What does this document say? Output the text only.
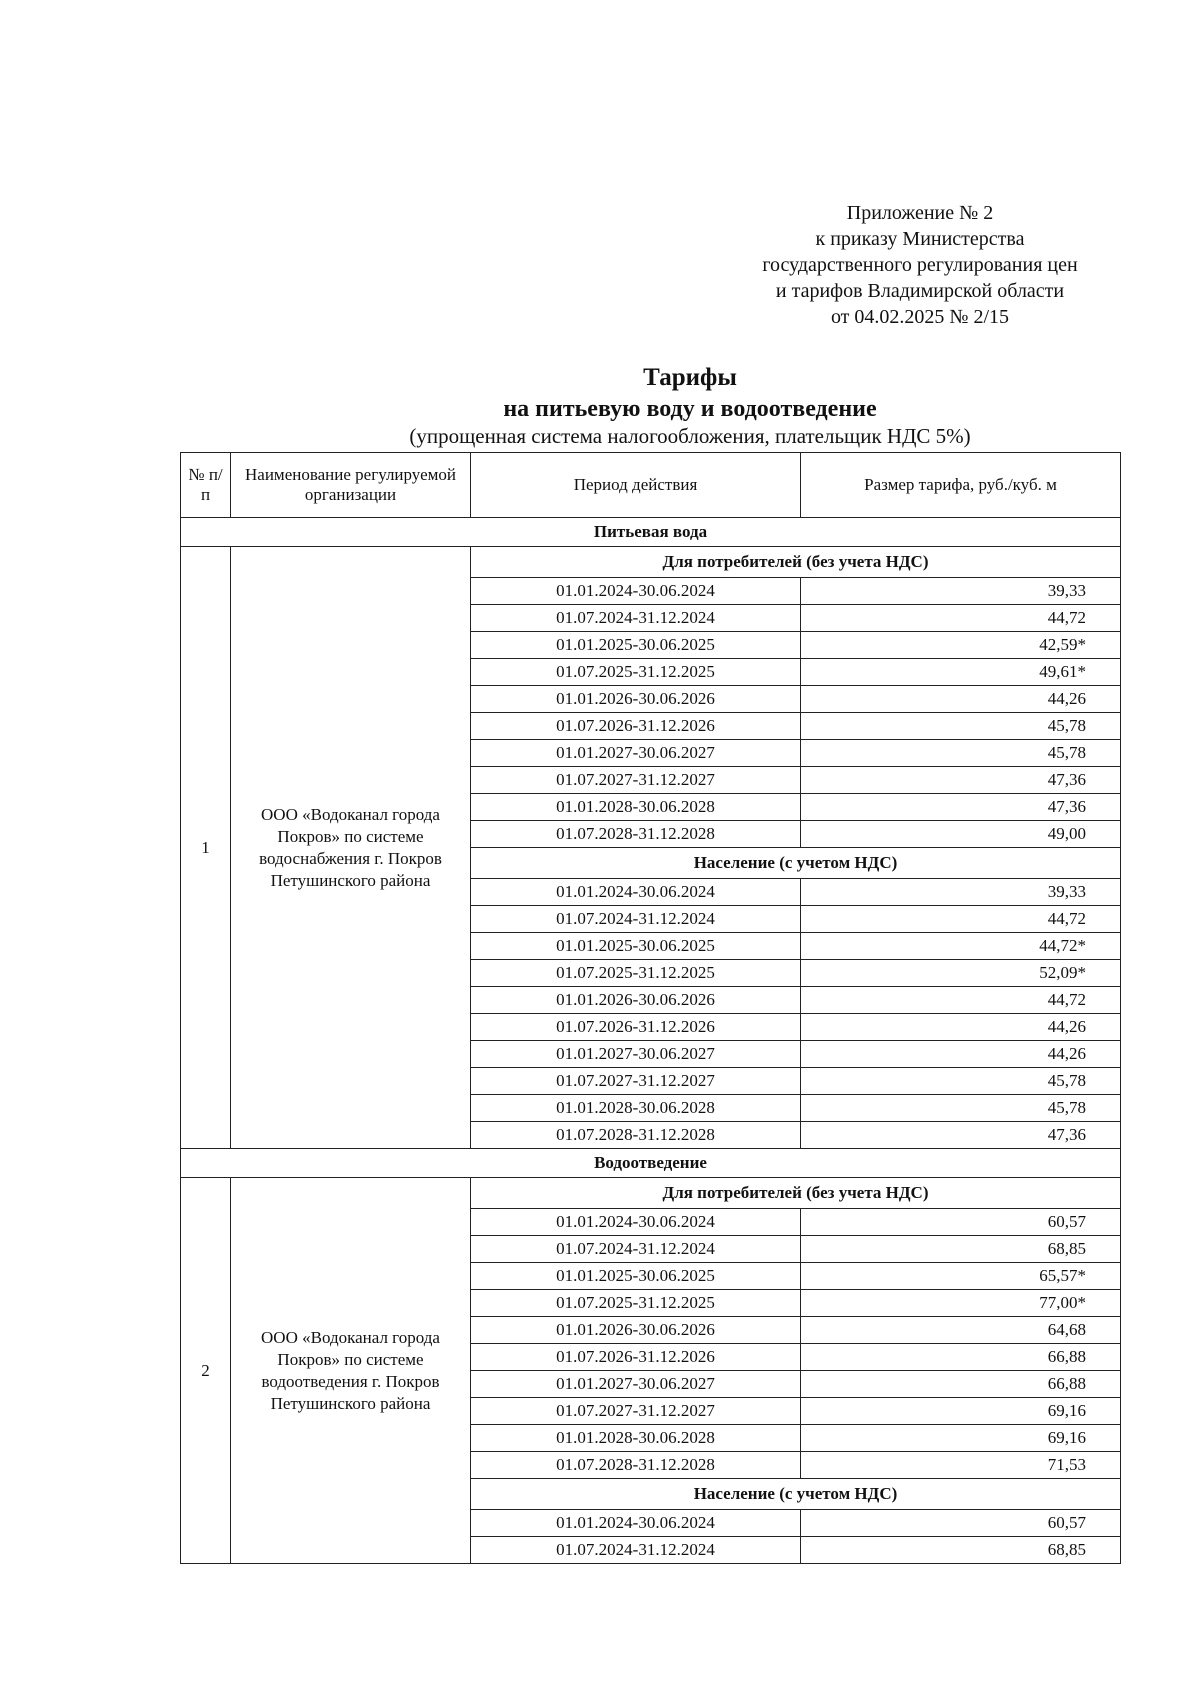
Приложение № 2
к приказу Министерства
государственного регулирования цен
и тарифов Владимирской области
от 04.02.2025 № 2/15
Тарифы
на питьевую воду и водоотведение
(упрощенная система налогообложения, плательщик НДС 5%)
№ п/п	Наименование регулируемой организации	Период действия	Размер тарифа, руб./куб. м
Питьевая вода			
1	ООО «Водоканал города Покров» по системе водоснабжения г. Покров Петушинского района	Для потребителей (без учета НДС)	
		01.01.2024-30.06.2024	39,33
		01.07.2024-31.12.2024	44,72
		01.01.2025-30.06.2025	42,59*
		01.07.2025-31.12.2025	49,61*
		01.01.2026-30.06.2026	44,26
		01.07.2026-31.12.2026	45,78
		01.01.2027-30.06.2027	45,78
		01.07.2027-31.12.2027	47,36
		01.01.2028-30.06.2028	47,36
		01.07.2028-31.12.2028	49,00
		Население (с учетом НДС)	
		01.01.2024-30.06.2024	39,33
		01.07.2024-31.12.2024	44,72
		01.01.2025-30.06.2025	44,72*
		01.07.2025-31.12.2025	52,09*
		01.01.2026-30.06.2026	44,72
		01.07.2026-31.12.2026	44,26
		01.01.2027-30.06.2027	44,26
		01.07.2027-31.12.2027	45,78
		01.01.2028-30.06.2028	45,78
		01.07.2028-31.12.2028	47,36
Водоотведение			
2	ООО «Водоканал города Покров» по системе водоотведения г. Покров Петушинского района	Для потребителей (без учета НДС)	
		01.01.2024-30.06.2024	60,57
		01.07.2024-31.12.2024	68,85
		01.01.2025-30.06.2025	65,57*
		01.07.2025-31.12.2025	77,00*
		01.01.2026-30.06.2026	64,68
		01.07.2026-31.12.2026	66,88
		01.01.2027-30.06.2027	66,88
		01.07.2027-31.12.2027	69,16
		01.01.2028-30.06.2028	69,16
		01.07.2028-31.12.2028	71,53
		Население (с учетом НДС)	
		01.01.2024-30.06.2024	60,57
		01.07.2024-31.12.2024	68,85
